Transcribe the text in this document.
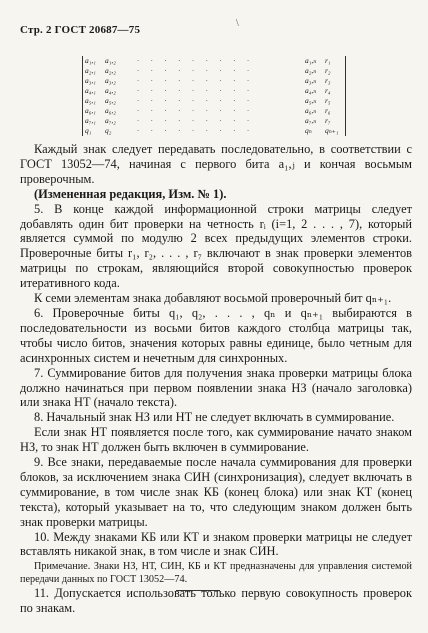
Стр. 2 ГОСТ 20687—75
\
a₁,₁ a₁,₂	· · · · · · · · ·	a₁,ₙ r₁
a₂,₁ a₂,₂	· · · · · · · · ·	a₂,ₙ r₂
a₃,₁ a₃,₂	· · · · · · · · ·	a₃,ₙ r₃
a₄,₁ a₄,₂	· · · · · · · · ·	a₄,ₙ r₄
a₅,₁ a₅,₂	· · · · · · · · ·	a₅,ₙ r₅
a₆,₁ a₆,₂	· · · · · · · · ·	a₆,ₙ r₆
a₇,₁ a₇,₂	· · · · · · · · ·	a₇,ₙ r₇
q₁ q₂	· · · · · · · · ·	qₙ qₙ₊₁

Каждый знак следует передавать последовательно, в соответствии с ГОСТ 13052—74, начиная с первого бита a₁,ⱼ и кончая восьмым проверочным.

(Измененная редакция, Изм. № 1).

5. В конце каждой информационной строки матрицы следует добавлять один бит проверки на четность rᵢ (i=1, 2 . . . , 7), который является суммой по модулю 2 всех предыдущих элементов строки. Проверочные биты r₁, r₂, . . . , r₇ включают в знак проверки элементов матрицы по строкам, являющийся второй совокупностью проверок итеративного кода.

К семи элементам знака добавляют восьмой проверочный бит qₙ₊₁.

6. Проверочные биты q₁, q₂, . . . , qₙ и qₙ₊₁ выбираются в последовательности из восьми битов каждого столбца матрицы так, чтобы число битов, значения которых равны единице, было четным для асинхронных систем и нечетным для синхронных.

7. Суммирование битов для получения знака проверки матрицы блока должно начинаться при первом появлении знака НЗ (начало заголовка) или знака НТ (начало текста).

8. Начальный знак НЗ или НТ не следует включать в суммирование.

Если знак НТ появляется после того, как суммирование начато знаком НЗ, то знак НТ должен быть включен в суммирование.

9. Все знаки, передаваемые после начала суммирования для проверки блоков, за исключением знака СИН (синхронизация), следует включать в суммирование, в том числе знак КБ (конец блока) или знак КТ (конец текста), который указывает на то, что следующим знаком должен быть знак проверки матрицы.

10. Между знаками КБ или КТ и знаком проверки матрицы не следует вставлять никакой знак, в том числе и знак СИН.

Примечание. Знаки НЗ, НТ, СИН, КБ и КТ предназначены для управления системой передачи данных по ГОСТ 13052—74.

11. Допускается использовать только первую совокупность проверок по знакам.
